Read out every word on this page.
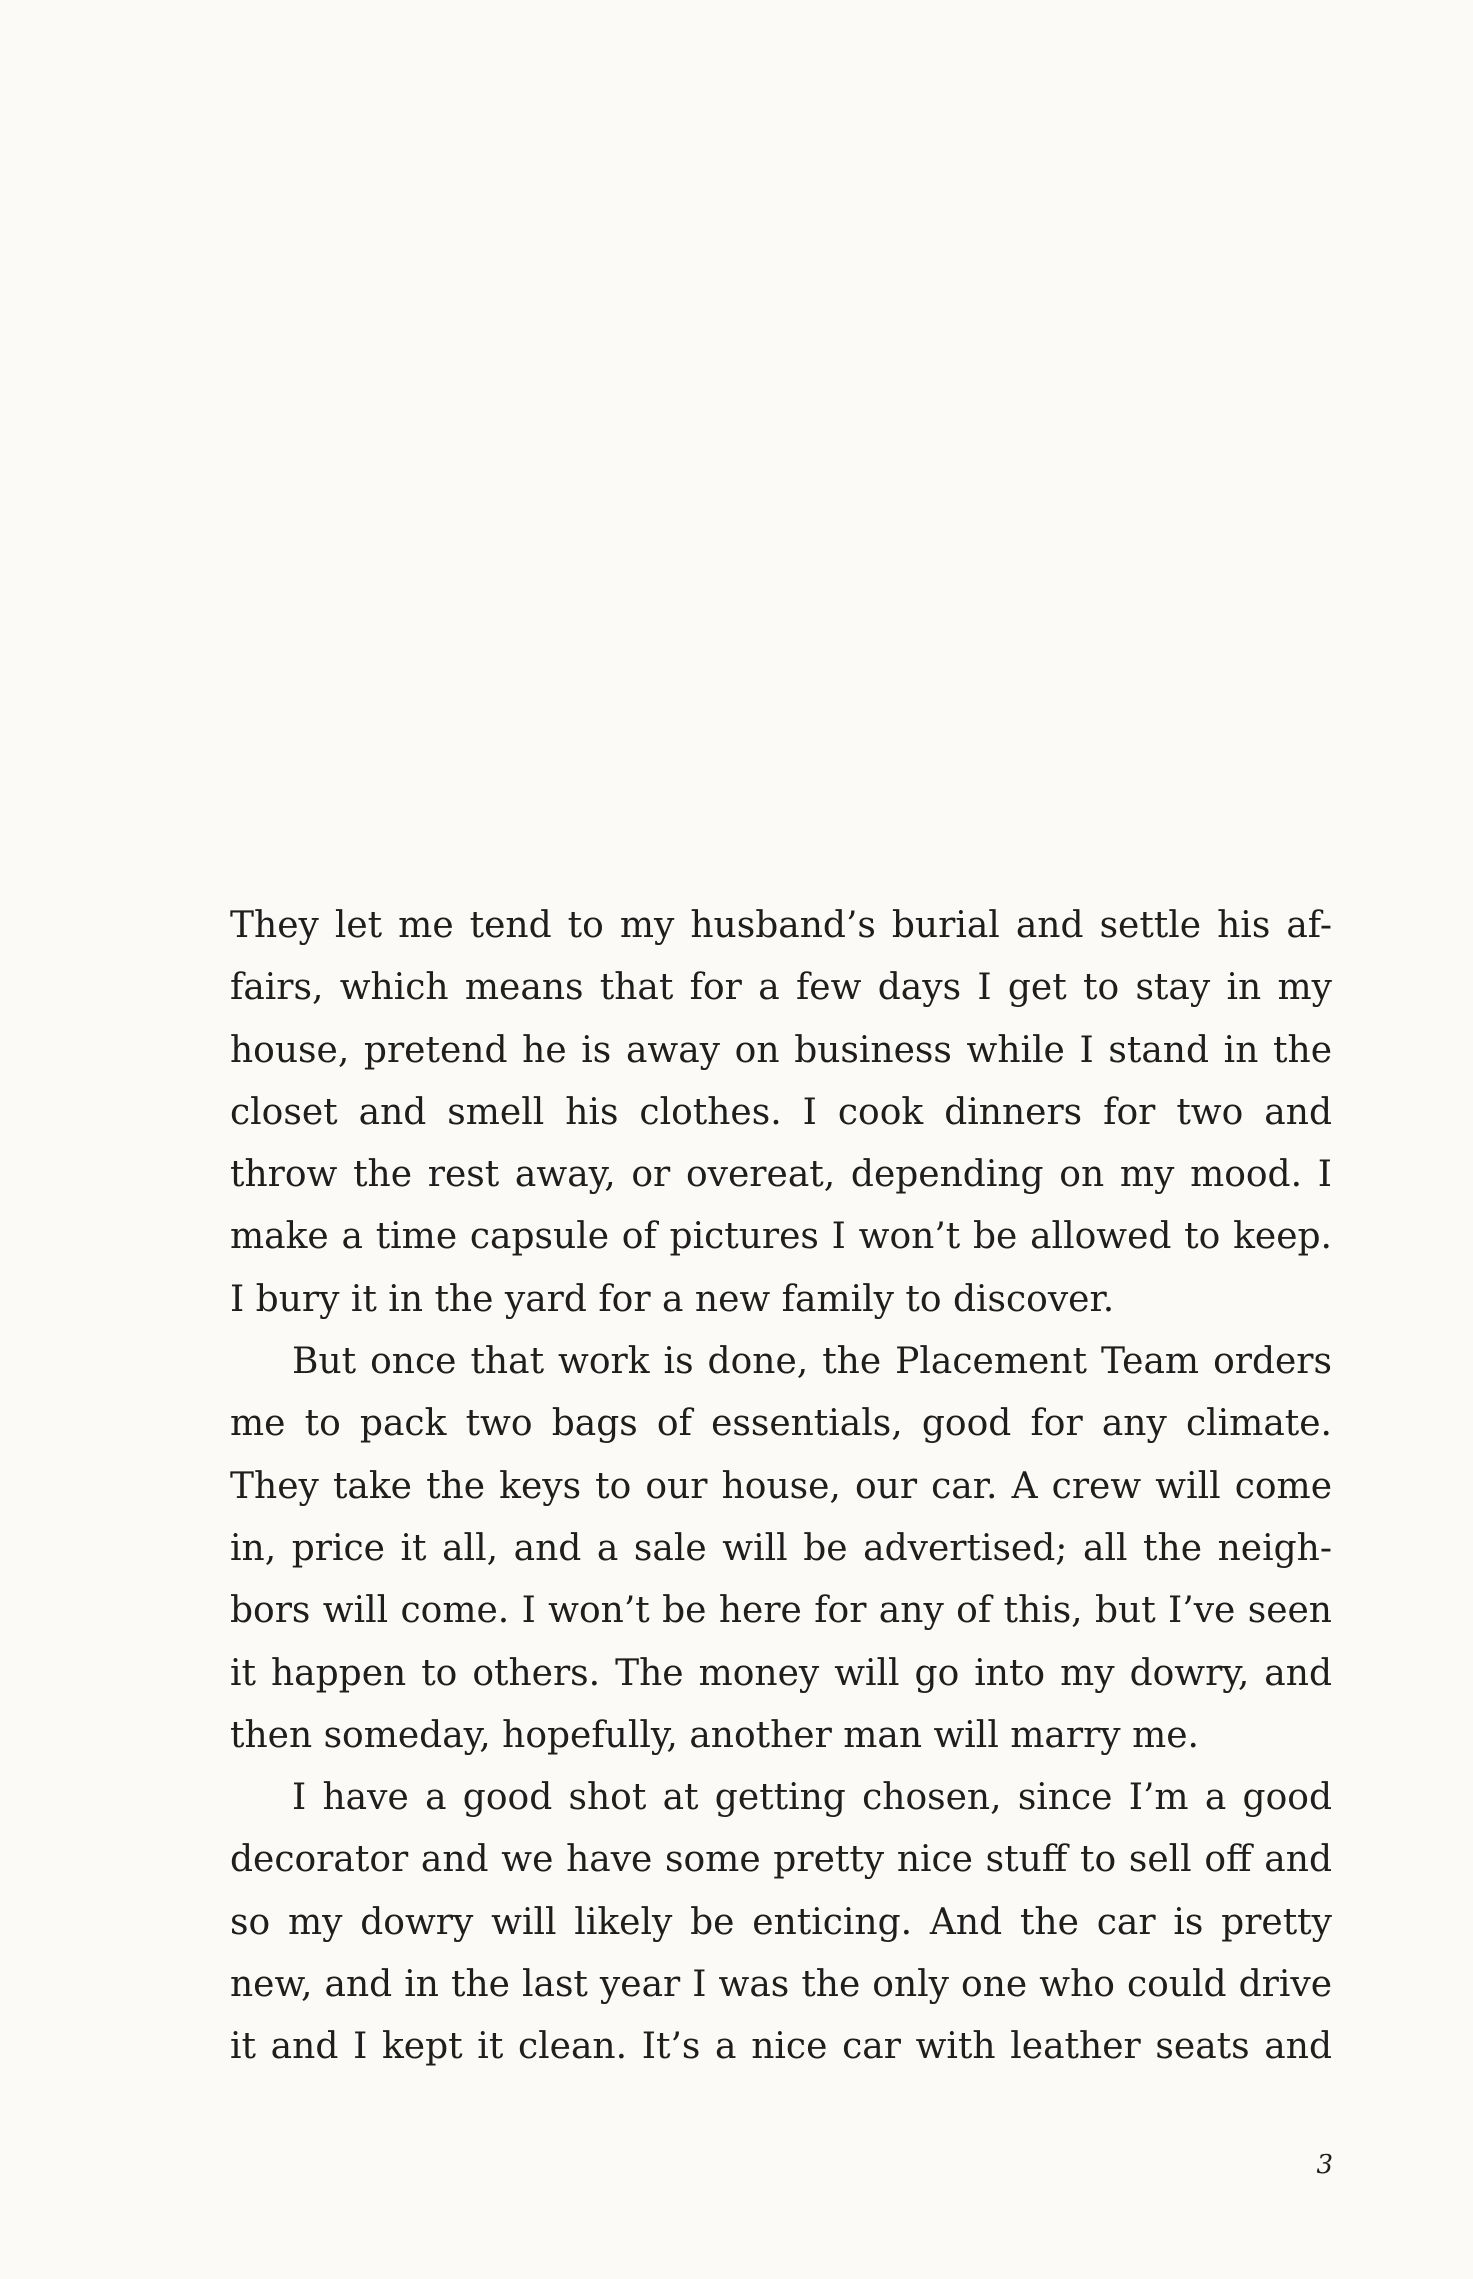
They let me tend to my husband’s burial and settle his af-
fairs, which means that for a few days I get to stay in my
house, pretend he is away on business while I stand in the
closet and smell his clothes. I cook dinners for two and
throw the rest away, or overeat, depending on my mood. I
make a time capsule of pictures I won’t be allowed to keep.
I bury it in the yard for a new family to discover.
But once that work is done, the Placement Team orders
me to pack two bags of essentials, good for any climate.
They take the keys to our house, our car. A crew will come
in, price it all, and a sale will be advertised; all the neigh-
bors will come. I won’t be here for any of this, but I’ve seen
it happen to others. The money will go into my dowry, and
then someday, hopefully, another man will marry me.
I have a good shot at getting chosen, since I’m a good
decorator and we have some pretty nice stuff to sell off and
so my dowry will likely be enticing. And the car is pretty
new, and in the last year I was the only one who could drive
it and I kept it clean. It’s a nice car with leather seats and
3
